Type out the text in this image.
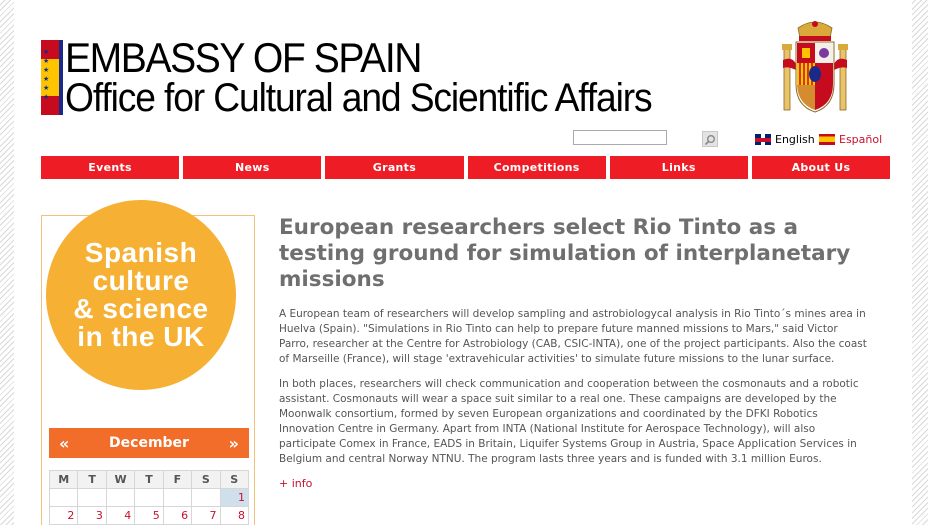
★
★
★
★
★
★
EMBASSY OF SPAIN
Office for Cultural and Scientific Affairs
English Español
Events	News	Grants	Competitions	Links	About Us
Spanish
culture
& science
in the UK
«	December »
M	T	W	T	F	S	S
						1
2	3	4	5	6	7	8
European researchers select Rio Tinto as a testing ground for simulation of interplanetary missions

A European team of researchers will develop sampling and astrobiologycal analysis in Rio Tinto´s mines area in Huelva (Spain). "Simulations in Rio Tinto can help to prepare future manned missions to Mars," said Victor Parro, researcher at the Centre for Astrobiology (CAB, CSIC-INTA), one of the project participants. Also the coast of Marseille (France), will stage 'extravehicular activities' to simulate future missions to the lunar surface.

In both places, researchers will check communication and cooperation between the cosmonauts and a robotic assistant. Cosmonauts will wear a space suit similar to a real one. These campaigns are developed by the Moonwalk consortium, formed by seven European organizations and coordinated by the DFKI Robotics Innovation Centre in Germany. Apart from INTA (National Institute for Aerospace Technology), will also participate Comex in France, EADS in Britain, Liquifer Systems Group in Austria, Space Application Services in Belgium and central Norway NTNU. The program lasts three years and is funded with 3.1 million Euros.

+ info
